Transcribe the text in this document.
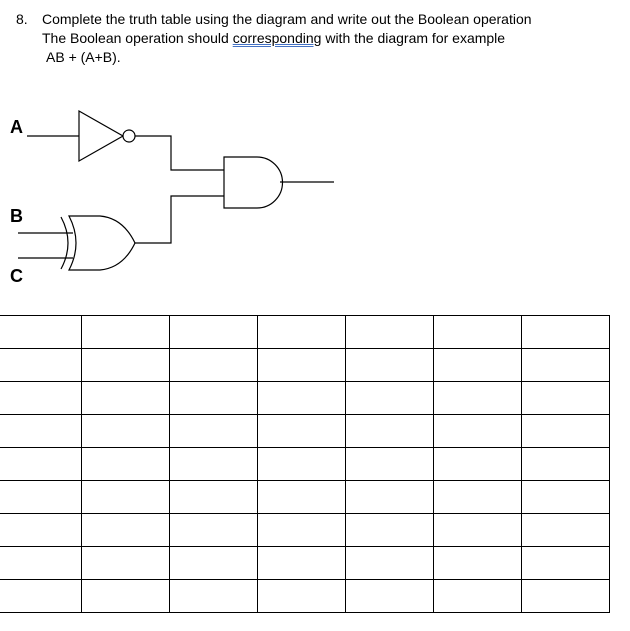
8. Complete the truth table using the diagram and write out the Boolean operation
The Boolean operation should corresponding with the diagram for example
AB + (A+B).
A
B
C
